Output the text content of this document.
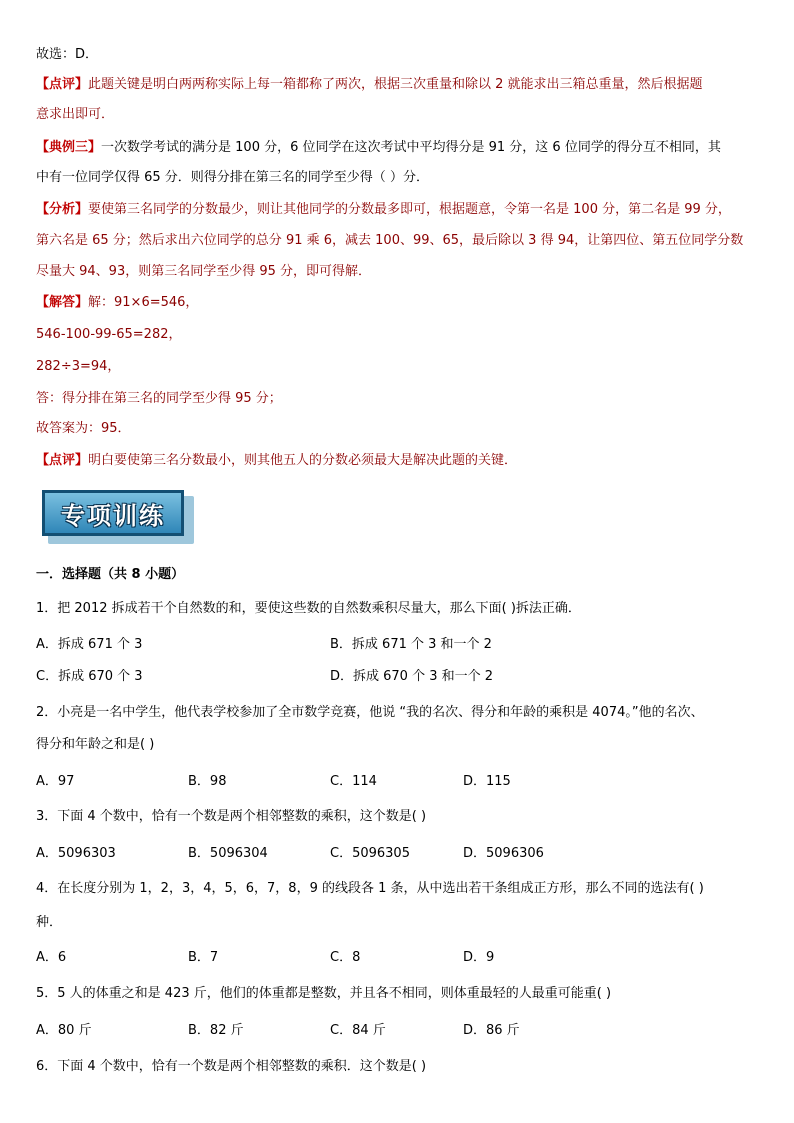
故选：D．
【点评】此题关键是明白两两称实际上每一箱都称了两次，根据三次重量和除以 2 就能求出三箱总重量，然后根据题
意求出即可．
【典例三】一次数学考试的满分是 100 分，6 位同学在这次考试中平均得分是 91 分，这 6 位同学的得分互不相同，其
中有一位同学仅得 65 分．则得分排在第三名的同学至少得（ ）分．
【分析】要使第三名同学的分数最少，则让其他同学的分数最多即可，根据题意，令第一名是 100 分，第二名是 99 分，
第六名是 65 分；然后求出六位同学的总分 91 乘 6，减去 100、99、65，最后除以 3 得 94，让第四位、第五位同学分数
尽量大 94、93，则第三名同学至少得 95 分，即可得解．
【解答】解：91×6=546，
546-100-99-65=282，
282÷3=94，
答：得分排在第三名的同学至少得 95 分；
故答案为：95．
【点评】明白要使第三名分数最小，则其他五人的分数必须最大是解决此题的关键．
专项训练
一．选择题（共 8 小题）
1．把 2012 拆成若干个自然数的和，要使这些数的自然数乘积尽量大，那么下面( )拆法正确．
A．拆成 671 个 3	B．拆成 671 个 3 和一个 2
C．拆成 670 个 3	D．拆成 670 个 3 和一个 2
2．小亮是一名中学生，他代表学校参加了全市数学竞赛，他说 “我的名次、得分和年龄的乘积是 4074。”他的名次、
得分和年龄之和是( )
A．97	B．98	C．114	D．115
3．下面 4 个数中，恰有一个数是两个相邻整数的乘积，这个数是( )
A．5096303	B．5096304	C．5096305	D．5096306
4．在长度分别为 1，2，3，4，5，6，7，8，9 的线段各 1 条，从中选出若干条组成正方形，那么不同的选法有( )
种．
A．6	B．7	C．8	D．9
5．5 人的体重之和是 423 斤，他们的体重都是整数，并且各不相同，则体重最轻的人最重可能重( )
A．80 斤	B．82 斤	C．84 斤	D．86 斤
6．下面 4 个数中，恰有一个数是两个相邻整数的乘积．这个数是( )
